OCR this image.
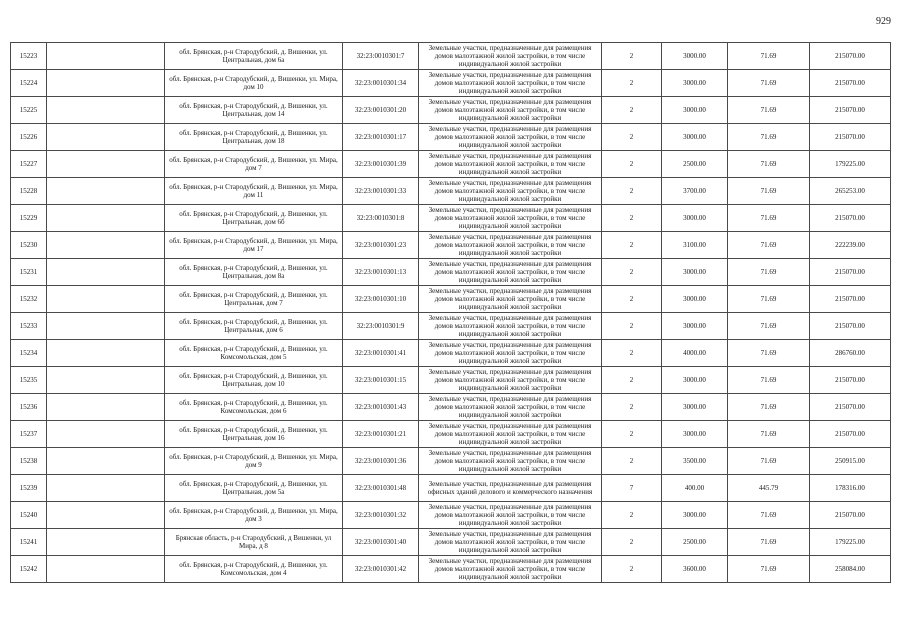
929
15223		обл. Брянская, р-н Стародубский, д. Вишенки, ул. Центральная, дом 6а	32:23:0010301:7	Земельные участки, предназначенные для размещения домов малоэтажной жилой застройки, в том числе индивидуальной жилой застройки	2	3000.00	71.69	215070.00
15224		обл. Брянская, р-н Стародубский, д. Вишенки, ул. Мира, дом 10	32:23:0010301:34	Земельные участки, предназначенные для размещения домов малоэтажной жилой застройки, в том числе индивидуальной жилой застройки	2	3000.00	71.69	215070.00
15225		обл. Брянская, р-н Стародубский, д. Вишенки, ул. Центральная, дом 14	32:23:0010301:20	Земельные участки, предназначенные для размещения домов малоэтажной жилой застройки, в том числе индивидуальной жилой застройки	2	3000.00	71.69	215070.00
15226		обл. Брянская, р-н Стародубский, д. Вишенки, ул. Центральная, дом 18	32:23:0010301:17	Земельные участки, предназначенные для размещения домов малоэтажной жилой застройки, в том числе индивидуальной жилой застройки	2	3000.00	71.69	215070.00
15227		обл. Брянская, р-н Стародубский, д. Вишенки, ул. Мира, дом 7	32:23:0010301:39	Земельные участки, предназначенные для размещения домов малоэтажной жилой застройки, в том числе индивидуальной жилой застройки	2	2500.00	71.69	179225.00
15228		обл. Брянская, р-н Стародубский, д. Вишенки, ул. Мира, дом 11	32:23:0010301:33	Земельные участки, предназначенные для размещения домов малоэтажной жилой застройки, в том числе индивидуальной жилой застройки	2	3700.00	71.69	265253.00
15229		обл. Брянская, р-н Стародубский, д. Вишенки, ул. Центральная, дом 6б	32:23:0010301:8	Земельные участки, предназначенные для размещения домов малоэтажной жилой застройки, в том числе индивидуальной жилой застройки	2	3000.00	71.69	215070.00
15230		обл. Брянская, р-н Стародубский, д. Вишенки, ул. Мира, дом 17	32:23:0010301:23	Земельные участки, предназначенные для размещения домов малоэтажной жилой застройки, в том числе индивидуальной жилой застройки	2	3100.00	71.69	222239.00
15231		обл. Брянская, р-н Стародубский, д. Вишенки, ул. Центральная, дом 8а	32:23:0010301:13	Земельные участки, предназначенные для размещения домов малоэтажной жилой застройки, в том числе индивидуальной жилой застройки	2	3000.00	71.69	215070.00
15232		обл. Брянская, р-н Стародубский, д. Вишенки, ул. Центральная, дом 7	32:23:0010301:10	Земельные участки, предназначенные для размещения домов малоэтажной жилой застройки, в том числе индивидуальной жилой застройки	2	3000.00	71.69	215070.00
15233		обл. Брянская, р-н Стародубский, д. Вишенки, ул. Центральная, дом 6	32:23:0010301:9	Земельные участки, предназначенные для размещения домов малоэтажной жилой застройки, в том числе индивидуальной жилой застройки	2	3000.00	71.69	215070.00
15234		обл. Брянская, р-н Стародубский, д. Вишенки, ул. Комсомольская, дом 5	32:23:0010301:41	Земельные участки, предназначенные для размещения домов малоэтажной жилой застройки, в том числе индивидуальной жилой застройки	2	4000.00	71.69	286760.00
15235		обл. Брянская, р-н Стародубский, д. Вишенки, ул. Центральная, дом 10	32:23:0010301:15	Земельные участки, предназначенные для размещения домов малоэтажной жилой застройки, в том числе индивидуальной жилой застройки	2	3000.00	71.69	215070.00
15236		обл. Брянская, р-н Стародубский, д. Вишенки, ул. Комсомольская, дом 6	32:23:0010301:43	Земельные участки, предназначенные для размещения домов малоэтажной жилой застройки, в том числе индивидуальной жилой застройки	2	3000.00	71.69	215070.00
15237		обл. Брянская, р-н Стародубский, д. Вишенки, ул. Центральная, дом 16	32:23:0010301:21	Земельные участки, предназначенные для размещения домов малоэтажной жилой застройки, в том числе индивидуальной жилой застройки	2	3000.00	71.69	215070.00
15238		обл. Брянская, р-н Стародубский, д. Вишенки, ул. Мира, дом 9	32:23:0010301:36	Земельные участки, предназначенные для размещения домов малоэтажной жилой застройки, в том числе индивидуальной жилой застройки	2	3500.00	71.69	250915.00
15239		обл. Брянская, р-н Стародубский, д. Вишенки, ул. Центральная, дом 5а	32:23:0010301:48	Земельные участки, предназначенные для размещения офисных зданий делового и коммерческого назначения	7	400.00	445.79	178316.00
15240		обл. Брянская, р-н Стародубский, д. Вишенки, ул. Мира, дом 3	32:23:0010301:32	Земельные участки, предназначенные для размещения домов малоэтажной жилой застройки, в том числе индивидуальной жилой застройки	2	3000.00	71.69	215070.00
15241		Брянская область, р-н Стародубский, д Вишенки, ул Мира, д 8	32:23:0010301:40	Земельные участки, предназначенные для размещения домов малоэтажной жилой застройки, в том числе индивидуальной жилой застройки	2	2500.00	71.69	179225.00
15242		обл. Брянская, р-н Стародубский, д. Вишенки, ул. Комсомольская, дом 4	32:23:0010301:42	Земельные участки, предназначенные для размещения домов малоэтажной жилой застройки, в том числе индивидуальной жилой застройки	2	3600.00	71.69	258084.00
